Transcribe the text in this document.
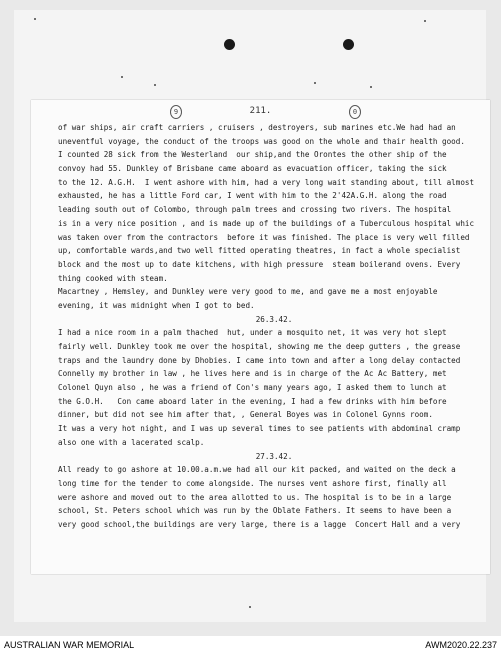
9	211.	0
of war ships, air craft carriers , cruisers , destroyers, sub marines etc.We had had an
uneventful voyage, the conduct of the troops was good on the whole and thair health good.
I counted 28 sick from the Westerland  our ship,and the Orontes the other ship of the
convoy had 55. Dunkley of Brisbane came aboard as evacuation officer, taking the sick
to the 12. A.G.H.  I went ashore with him, had a very long wait standing about, till almost
exhausted, he has a little Ford car, I went with him to the 2'42A.G.H. along the road
leading south out of Colombo, through palm trees and crossing two rivers. The hospital
is in a very nice position , and is made up of the buildings of a Tuberculous hospital whic
was taken over from the contractors  before it was finished. The place is very well filled
up, comfortable wards,and two well fitted operating theatres, in fact a whole specialist
block and the most up to date kitchens, with high pressure  steam boilerand ovens. Every
thing cooked with steam.
Macartney , Hemsley, and Dunkley were very good to me, and gave me a most enjoyable
evening, it was midnight when I got to bed.
26.3.42.
I had a nice room in a palm thached  hut, under a mosquito net, it was very hot slept
fairly well. Dunkley took me over the hospital, showing me the deep gutters , the grease
traps and the laundry done by Dhobies. I came into town and after a long delay contacted
Connelly my brother in law , he lives here and is in charge of the Ac Ac Battery, met
Colonel Quyn also , he was a friend of Con's many years ago, I asked them to lunch at
the G.O.H.   Con came aboard later in the evening, I had a few drinks with him before
dinner, but did not see him after that, , General Boyes was in Colonel Gynns room.
It was a very hot night, and I was up several times to see patients with abdominal cramp
also one with a lacerated scalp.
27.3.42.
All ready to go ashore at 10.00.a.m.we had all our kit packed, and waited on the deck a
long time for the tender to come alongside. The nurses vent ashore first, finally all
were ashore and moved out to the area allotted to us. The hospital is to be in a large
school, St. Peters school which was run by the Oblate Fathers. It seems to have been a
very good school,the buildings are very large, there is a lagge  Concert Hall and a very
AUSTRALIAN WAR MEMORIAL	AWM2020.22.237
